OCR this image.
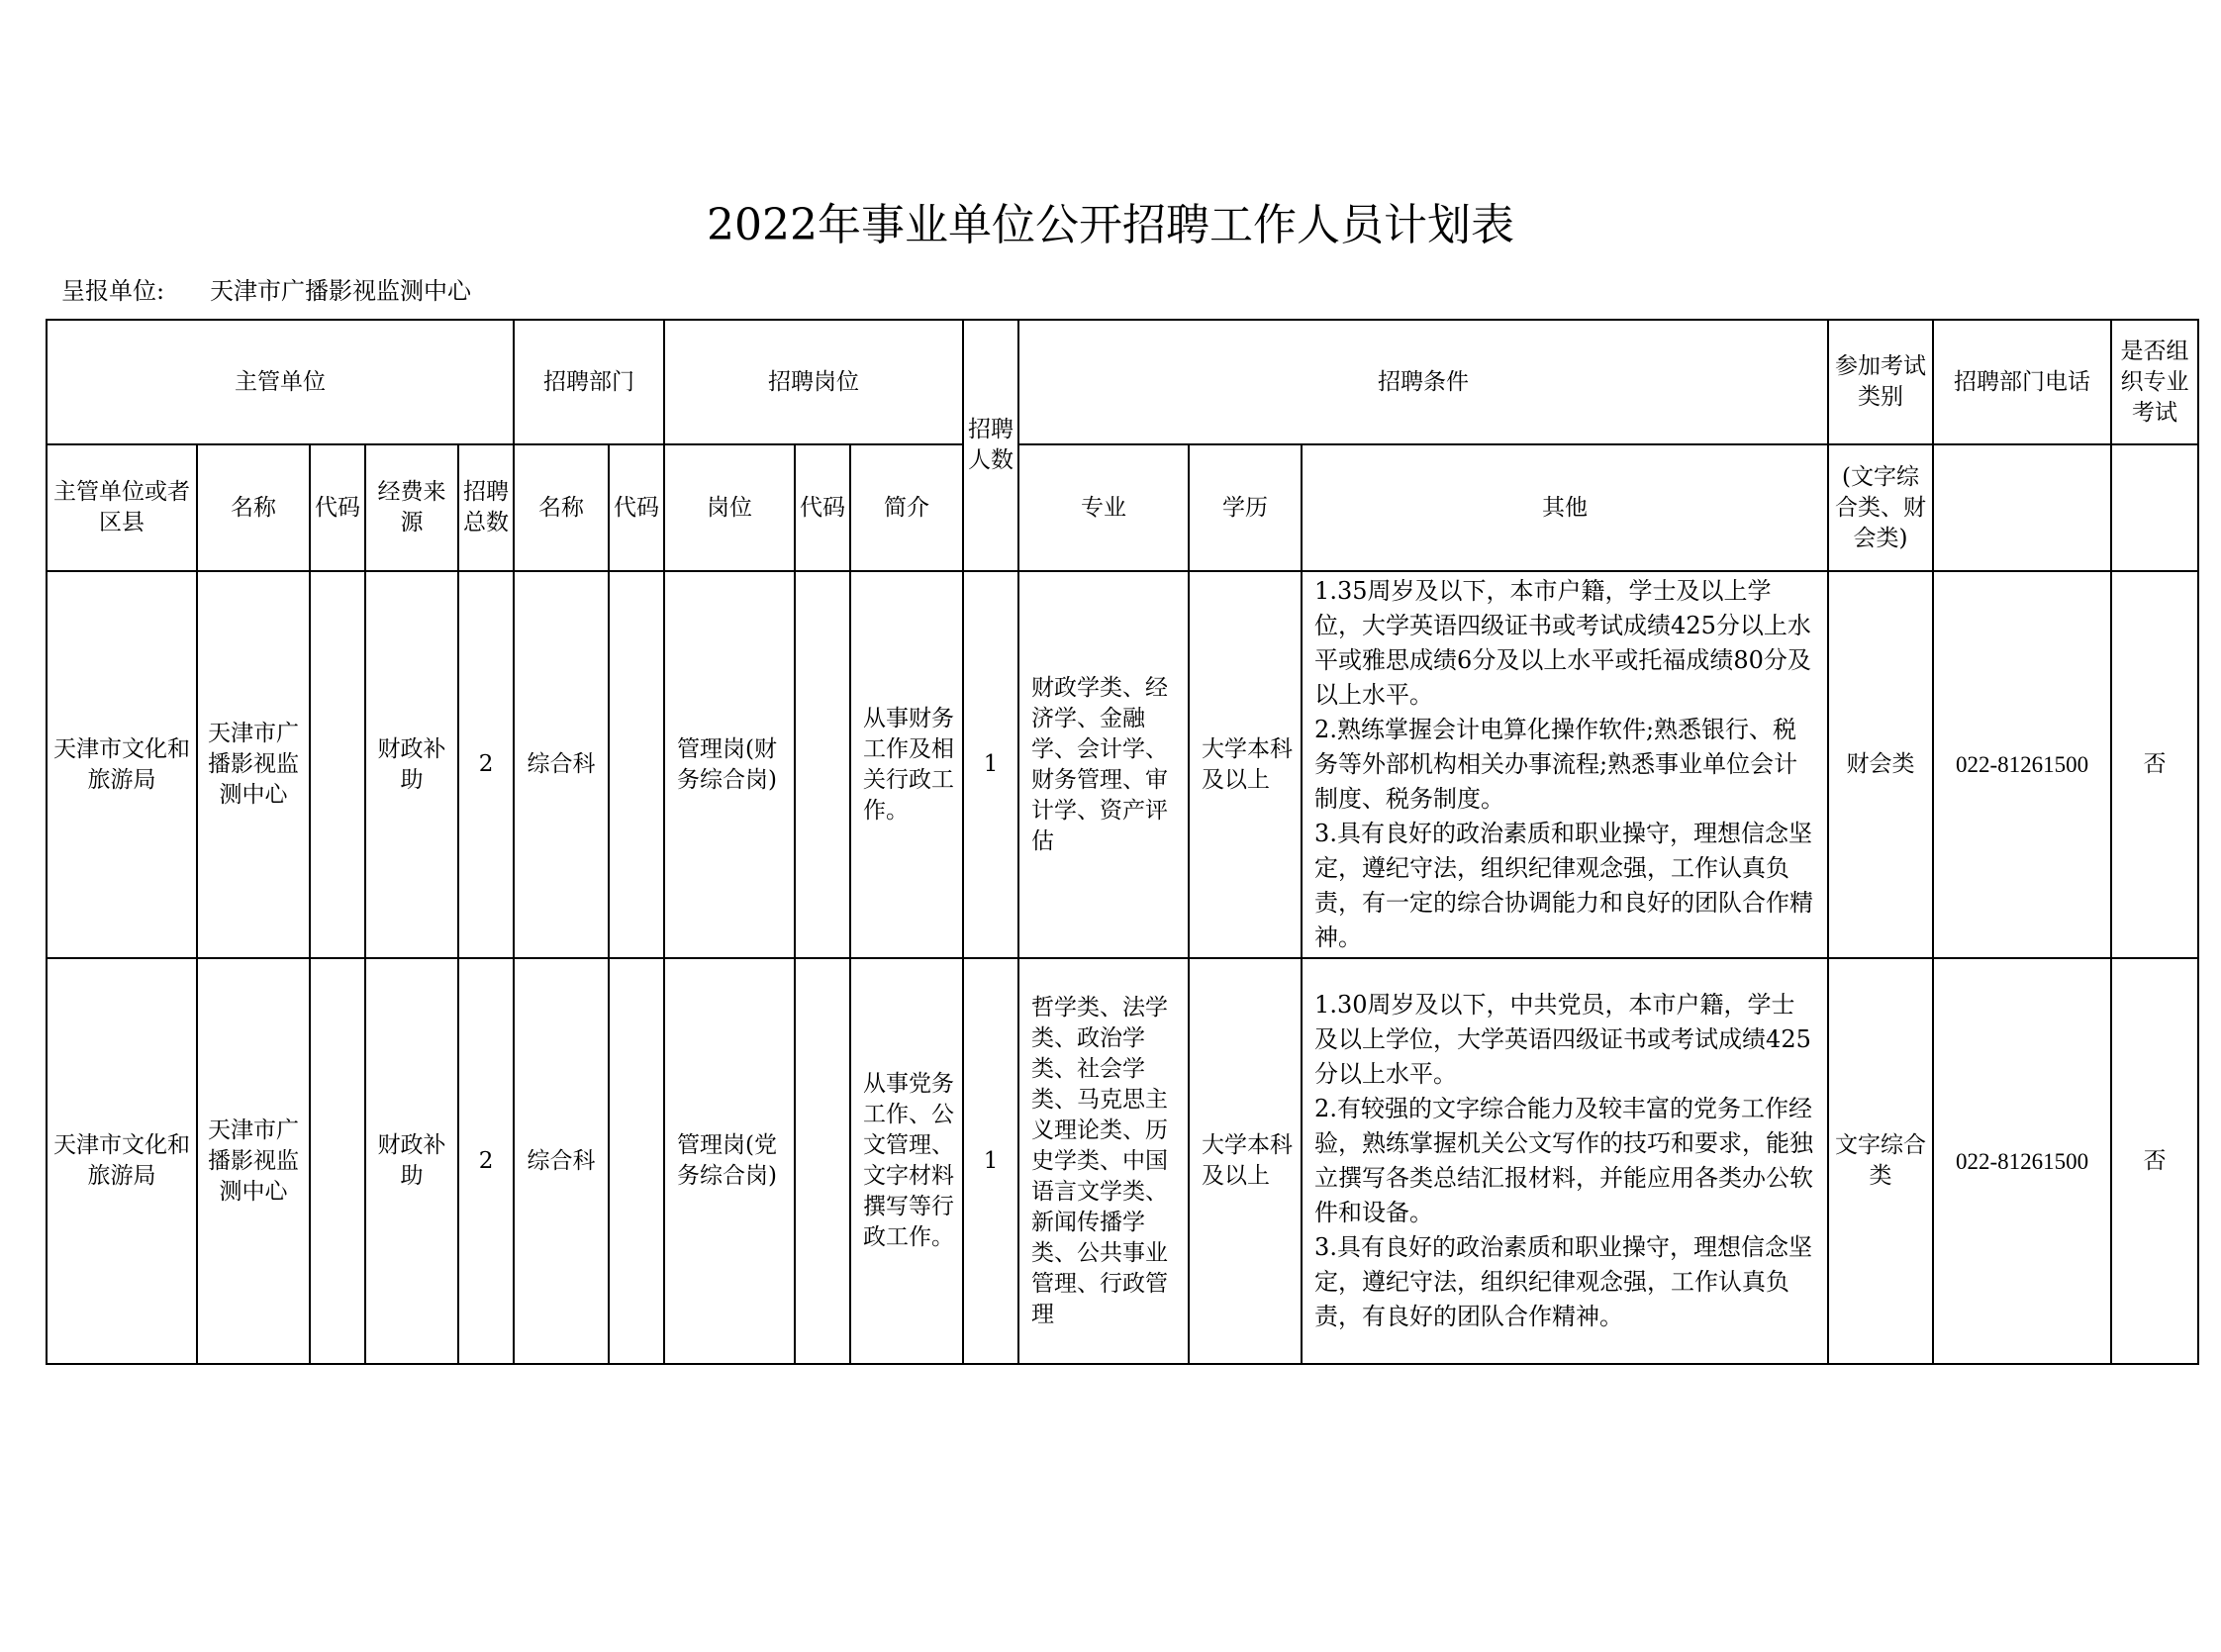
2022年事业单位公开招聘工作人员计划表
呈报单位: 天津市广播影视监测中心
主管单位					招聘部门		招聘岗位			招聘人数	招聘条件			参加考试类别	招聘部门电话	是否组织专业考试
主管单位或者区县	名称	代码	经费来源	招聘总数	名称	代码	岗位	代码	简介		专业	学历	其他	(文字综合类、财会类)		
天津市文化和旅游局	天津市广播影视监测中心		财政补助	2	综合科		管理岗(财务综合岗)		从事财务工作及相关行政工作。	1	财政学类、经济学、金融学、会计学、财务管理、审计学、资产评估	大学本科及以上	1.35周岁及以下，本市户籍，学士及以上学位，大学英语四级证书或考试成绩425分以上水平或雅思成绩6分及以上水平或托福成绩80分及以上水平。
2.熟练掌握会计电算化操作软件;熟悉银行、税务等外部机构相关办事流程;熟悉事业单位会计制度、税务制度。
3.具有良好的政治素质和职业操守，理想信念坚定，遵纪守法，组织纪律观念强，工作认真负责，有一定的综合协调能力和良好的团队合作精神。	财会类	022-81261500	否
天津市文化和旅游局	天津市广播影视监测中心		财政补助	2	综合科		管理岗(党务综合岗)		从事党务工作、公文管理、文字材料撰写等行政工作。	1	哲学类、法学类、政治学类、社会学类、马克思主义理论类、历史学类、中国语言文学类、新闻传播学类、公共事业管理、行政管理	大学本科及以上	1.30周岁及以下，中共党员，本市户籍，学士及以上学位，大学英语四级证书或考试成绩425分以上水平。
2.有较强的文字综合能力及较丰富的党务工作经验，熟练掌握机关公文写作的技巧和要求，能独立撰写各类总结汇报材料，并能应用各类办公软件和设备。
3.具有良好的政治素质和职业操守，理想信念坚定，遵纪守法，组织纪律观念强，工作认真负责，有良好的团队合作精神。	文字综合类	022-81261500	否
